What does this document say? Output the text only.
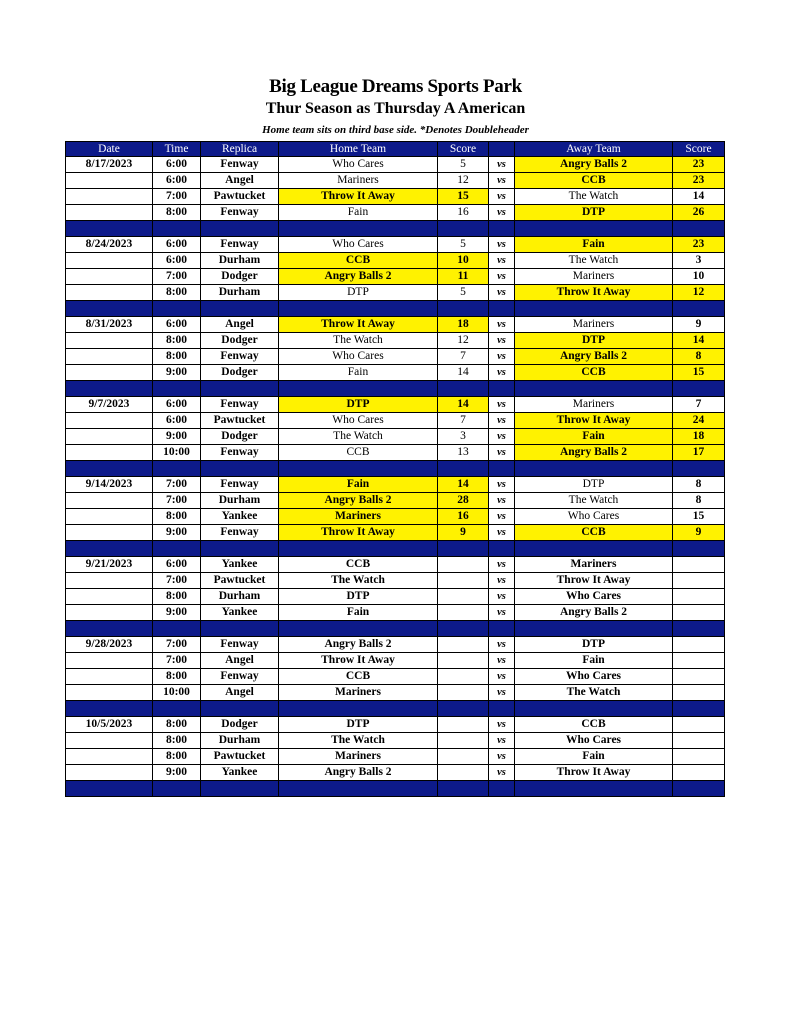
Big League Dreams Sports Park
Thur Season as Thursday A American
Home team sits on third base side. *Denotes Doubleheader
Date	Time	Replica	Home Team	Score		Away Team	Score
8/17/2023	6:00	Fenway	Who Cares	5	vs	Angry Balls 2	23
	6:00	Angel	Mariners	12	vs	CCB	23
	7:00	Pawtucket	Throw It Away	15	vs	The Watch	14
	8:00	Fenway	Fain	16	vs	DTP	26

8/24/2023	6:00	Fenway	Who Cares	5	vs	Fain	23
	6:00	Durham	CCB	10	vs	The Watch	3
	7:00	Dodger	Angry Balls 2	11	vs	Mariners	10
	8:00	Durham	DTP	5	vs	Throw It Away	12

8/31/2023	6:00	Angel	Throw It Away	18	vs	Mariners	9
	8:00	Dodger	The Watch	12	vs	DTP	14
	8:00	Fenway	Who Cares	7	vs	Angry Balls 2	8
	9:00	Dodger	Fain	14	vs	CCB	15

9/7/2023	6:00	Fenway	DTP	14	vs	Mariners	7
	6:00	Pawtucket	Who Cares	7	vs	Throw It Away	24
	9:00	Dodger	The Watch	3	vs	Fain	18
	10:00	Fenway	CCB	13	vs	Angry Balls 2	17

9/14/2023	7:00	Fenway	Fain	14	vs	DTP	8
	7:00	Durham	Angry Balls 2	28	vs	The Watch	8
	8:00	Yankee	Mariners	16	vs	Who Cares	15
	9:00	Fenway	Throw It Away	9	vs	CCB	9

9/21/2023	6:00	Yankee	CCB		vs	Mariners	
	7:00	Pawtucket	The Watch		vs	Throw It Away	
	8:00	Durham	DTP		vs	Who Cares	
	9:00	Yankee	Fain		vs	Angry Balls 2	

9/28/2023	7:00	Fenway	Angry Balls 2		vs	DTP	
	7:00	Angel	Throw It Away		vs	Fain	
	8:00	Fenway	CCB		vs	Who Cares	
	10:00	Angel	Mariners		vs	The Watch	

10/5/2023	8:00	Dodger	DTP		vs	CCB	
	8:00	Durham	The Watch		vs	Who Cares	
	8:00	Pawtucket	Mariners		vs	Fain	
	9:00	Yankee	Angry Balls 2		vs	Throw It Away	
